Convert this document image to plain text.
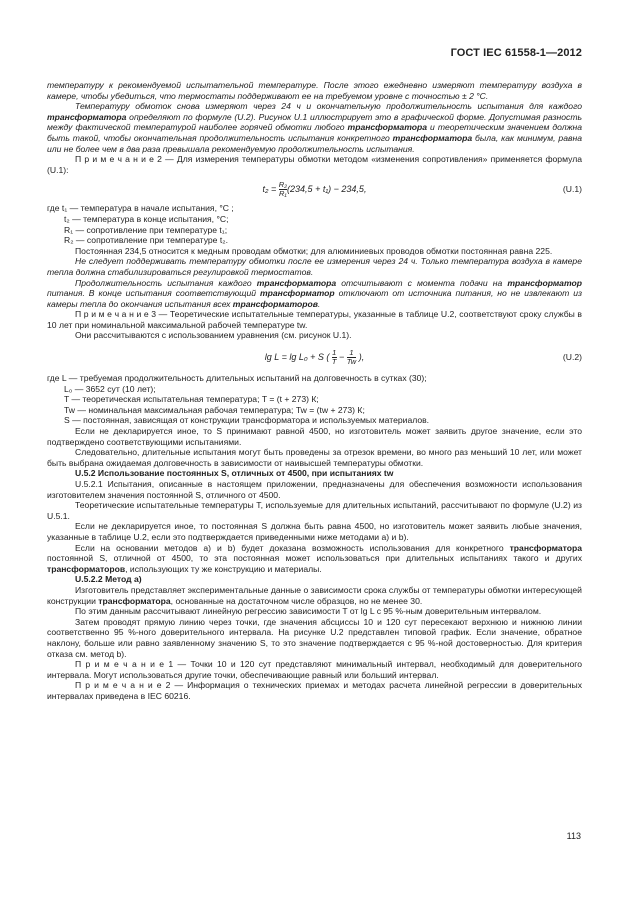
ГОСТ IEC 61558-1—2012

температуру к рекомендуемой испытательной температуре. После этого ежедневно измеряют температуру воздуха в камере, чтобы убедиться, что термостаты поддерживают ее на требуемом уровне с точностью ± 2 °С.

Температуру обмоток снова измеряют через 24 ч и окончательную продолжительность испытания для каждого трансформатора определяют по формуле (U.2). Рисунок U.1 иллюстрирует это в графической форме. Допустимая разность между фактической температурой наиболее горячей обмотки любого трансформатора и теоретическим значением должна быть такой, чтобы окончательная продолжительность испытания конкретного трансформатора была, как минимум, равна или не более чем в два раза превышала рекомендуемую продолжительность испытания.

П р и м е ч а н и е 2 — Для измерения температуры обмотки методом «изменения сопротивления» применяется формула (U.1):

$t_2 = \frac{\text{R₂}}{\text{R₁}} (234,5 + t_1) - 234,5$,	(U.1)

где t₁ — температура в начале испытания, °С ;

t₂ — температура в конце испытания, °С;

R₁ — сопротивление при температуре t₁;

R₂ — сопротивление при температуре t₂.

Постоянная 234,5 относится к медным проводам обмотки; для алюминиевых проводов обмотки постоянная равна 225.

Не следует поддерживать температуру обмотки после ее измерения через 24 ч. Только температура воздуха в камере тепла должна стабилизироваться регулировкой термостатов.

Продолжительность испытания каждого трансформатора отсчитывают с момента подачи на трансформатор питания. В конце испытания соответствующий трансформатор отключают от источника питания, но не извлекают из камеры тепла до окончания испытания всех трансформаторов.

П р и м е ч а н и е 3 — Теоретические испытательные температуры, указанные в таблице U.2, соответствуют сроку службы в 10 лет при номинальной максимальной рабочей температуре tw.

Они рассчитываются с использованием уравнения (см. рисунок U.1).

lg L = lg L₀ + S ( $\frac{1}{T} - \frac{1}{Tw}$ ),	(U.2)

где L — требуемая продолжительность длительных испытаний на долговечность в сутках (30);

L₀ — 3652 сут (10 лет);

T — теоретическая испытательная температура; T = (t + 273) К;

Tw — номинальная максимальная рабочая температура; Tw = (tw + 273) К;

S — постоянная, зависящая от конструкции трансформатора и используемых материалов.

Если не декларируется иное, то S принимают равной 4500, но изготовитель может заявить другое значение, если это подтверждено соответствующими испытаниями.

Следовательно, длительные испытания могут быть проведены за отрезок времени, во много раз меньший 10 лет, или может быть выбрана ожидаемая долговечность в зависимости от наивысшей температуры обмотки.

U.5.2 Использование постоянных S, отличных от 4500, при испытаниях tw

U.5.2.1 Испытания, описанные в настоящем приложении, предназначены для обеспечения возможности использования изготовителем значения постоянной S, отличного от 4500.

Теоретические испытательные температуры T, используемые для длительных испытаний, рассчитывают по формуле (U.2) из U.5.1.

Если не декларируется иное, то постоянная S должна быть равна 4500, но изготовитель может заявить любые значения, указанные в таблице U.2, если это подтверждается приведенными ниже методами a) и b).

Если на основании методов a) и b) будет доказана возможность использования для конкретного трансформатора постоянной S, отличной от 4500, то эта постоянная может использоваться при длительных испытаниях такого и других трансформаторов, использующих ту же конструкцию и материалы.

U.5.2.2 Метод a)

Изготовитель представляет экспериментальные данные о зависимости срока службы от температуры обмотки интересующей конструкции трансформатора, основанные на достаточном числе образцов, но не менее 30.

По этим данным рассчитывают линейную регрессию зависимости T от lg L с 95 %-ным доверительным интервалом.

Затем проводят прямую линию через точки, где значения абсциссы 10 и 120 сут пересекают верхнюю и нижнюю линии соответственно 95 %-ного доверительного интервала. На рисунке U.2 представлен типовой график. Если значение, обратное наклону, больше или равно заявленному значению S, то это значение подтверждается с 95 %-ной достоверностью. Для критерия отказа см. метод b).

П р и м е ч а н и е 1 — Точки 10 и 120 сут представляют минимальный интервал, необходимый для доверительного интервала. Могут использоваться другие точки, обеспечивающие равный или больший интервал.

П р и м е ч а н и е 2 — Информация о технических приемах и методах расчета линейной регрессии в доверительных интервалах приведена в IEC 60216.

113
